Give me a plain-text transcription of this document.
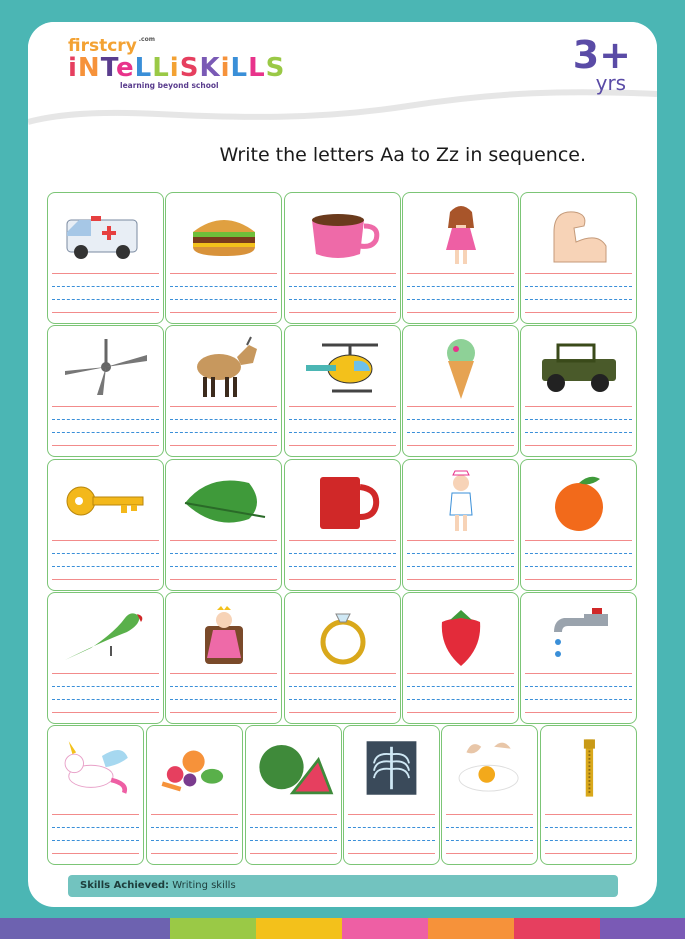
firstcry $^{.com}$
iNTeLLiSKiLLS
learning beyond school
3+
yrs
Write the letters Aa to Zz in sequence.
Skills Achieved: Writing skills
